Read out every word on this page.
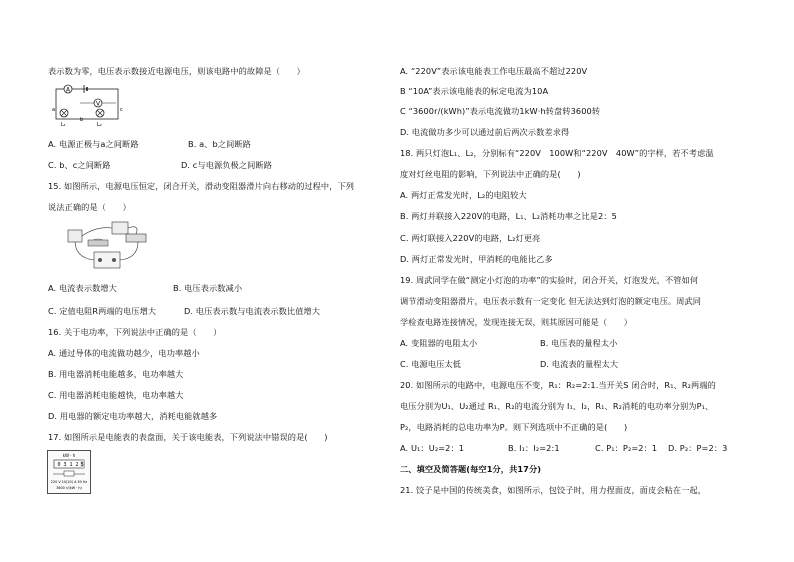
表示数为零，电压表示数接近电源电压，则该电路中的故障是（　　）
A
V
a
b
c
L₁	L₂
A. 电源正极与a之间断路	B. a、b之间断路
C. b、c之间断路	D. c与电源负极之间断路
15. 如图所示，电源电压恒定，闭合开关，滑动变阻器滑片向右移动的过程中，下列
说法正确的是（　　）
A. 电流表示数增大	B. 电压表示数减小
C. 定值电阻R两端的电压增大	D. 电压表示数与电流表示数比值增大
16. 关于电功率，下列说法中正确的是（　　）
A. 通过导体的电流做功越少，电功率越小
B. 用电器消耗电能越多，电功率越大
C. 用电器消耗电能越快，电功率越大
D. 用电器的额定电功率越大，消耗电能就越多
17. 如图所示是电能表的表盘面，关于该电能表，下列说法中错误的是(　　)
kW · h
0 3 1 2 5
220 V 10(20) A 50 Hz
3600 r/(kW · h)
A. “220V”表示该电能表工作电压最高不超过220V
B “10A”表示该电能表的标定电流为10A
C “3600r/(kWh)”表示电流做功1kW·h转盘转3600转
D. 电流做功多少可以通过前后两次示数差求得
18. 两只灯泡L₁、L₂，分别标有“220V　100W和“220V　40W”的字样，若不考虑温
度对灯丝电阻的影响，下列说法中正确的是(　　)
A. 两灯正常发光时，L₂的电阻较大
B. 两灯并联接入220V的电路，L₁、L₂消耗功率之比是2：5
C. 两灯联接入220V的电路，L₂灯更亮
D. 两灯正常发光时，甲消耗的电能比乙多
19. 周武同学在做“测定小灯泡的功率”的实验时，闭合开关，灯泡发光，不管如何
调节滑动变阻器滑片，电压表示数有一定变化 但无法达到灯泡的额定电压。周武同
学检查电路连接情况，发现连接无误，则其原因可能是（　　）
A. 变阻器的电阻太小	B. 电压表的量程太小
C. 电源电压太低	D. 电流表的量程太大
20. 如图所示的电路中，电源电压不变，R₁：R₂=2:1.当开关S 闭合时，R₁、R₂两端的
电压分别为U₁、U₂通过 R₁、R₂的电流分别为 I₁、I₂，R₁、R₂消耗的电功率分别为P₁、
P₂，电路消耗的总电功率为P。则下列选项中不正确的是(　　)
A. U₁：U₂=2：1	B. I₁：I₂=2:1	C. P₁：P₂=2：1 D. P₂：P=2：3
二、填空及简答题(每空1分，共17分)
21. 饺子是中国的传统美食，如图所示，包饺子时，用力捏面皮，面皮会粘在一起，
